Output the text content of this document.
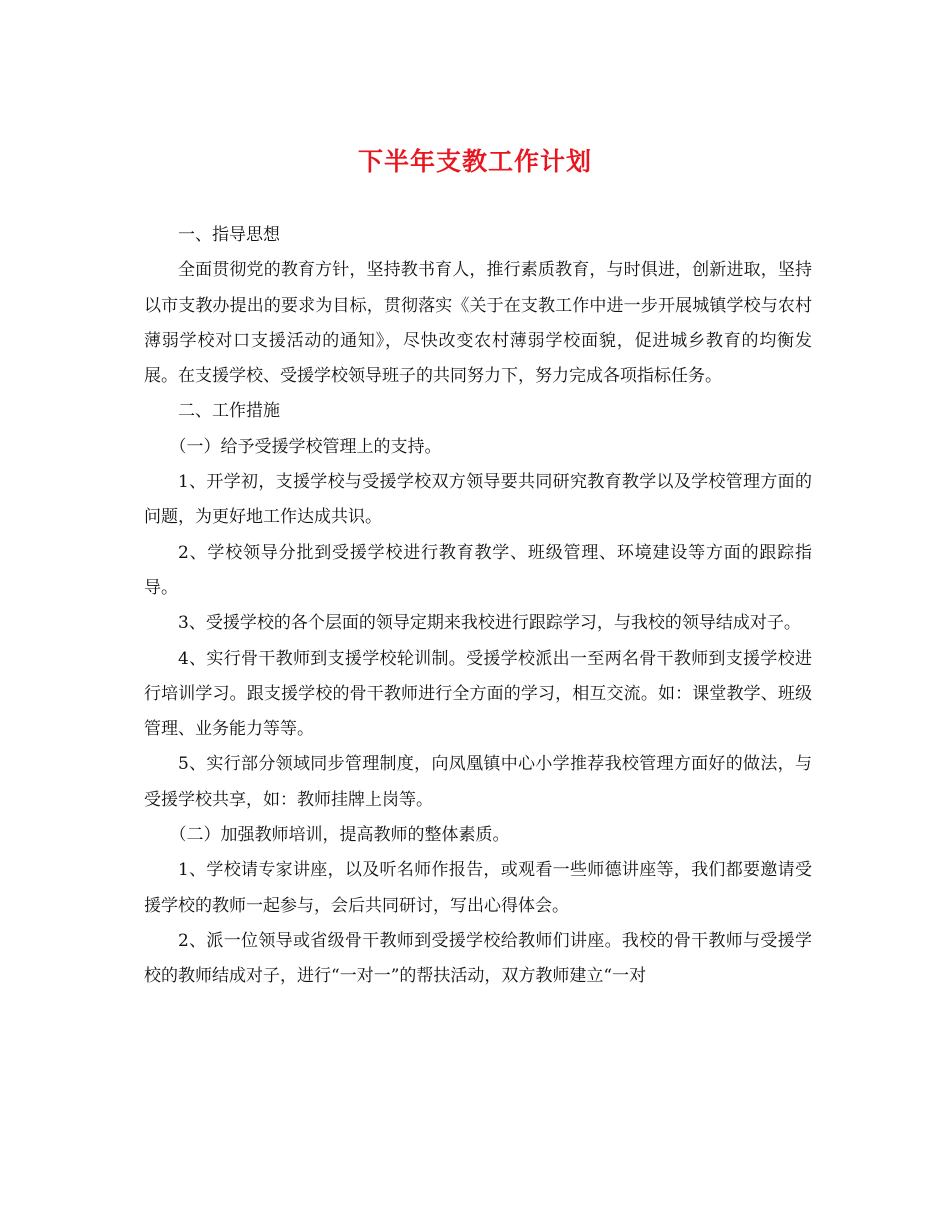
下半年支教工作计划

一、指导思想

全面贯彻党的教育方针，坚持教书育人，推行素质教育，与时俱进，创新进取，坚持以市支教办提出的要求为目标，贯彻落实《关于在支教工作中进一步开展城镇学校与农村薄弱学校对口支援活动的通知》，尽快改变农村薄弱学校面貌，促进城乡教育的均衡发展。在支援学校、受援学校领导班子的共同努力下，努力完成各项指标任务。

二、工作措施

（一）给予受援学校管理上的支持。

1、开学初，支援学校与受援学校双方领导要共同研究教育教学以及学校管理方面的问题，为更好地工作达成共识。

2、学校领导分批到受援学校进行教育教学、班级管理、环境建设等方面的跟踪指导。

3、受援学校的各个层面的领导定期来我校进行跟踪学习，与我校的领导结成对子。

4、实行骨干教师到支援学校轮训制。受援学校派出一至两名骨干教师到支援学校进行培训学习。跟支援学校的骨干教师进行全方面的学习，相互交流。如：课堂教学、班级管理、业务能力等等。

5、实行部分领域同步管理制度，向凤凰镇中心小学推荐我校管理方面好的做法，与受援学校共享，如：教师挂牌上岗等。

（二）加强教师培训，提高教师的整体素质。

1、学校请专家讲座，以及听名师作报告，或观看一些师德讲座等，我们都要邀请受援学校的教师一起参与，会后共同研讨，写出心得体会。

2、派一位领导或省级骨干教师到受援学校给教师们讲座。我校的骨干教师与受援学校的教师结成对子，进行“一对一”的帮扶活动，双方教师建立“一对
